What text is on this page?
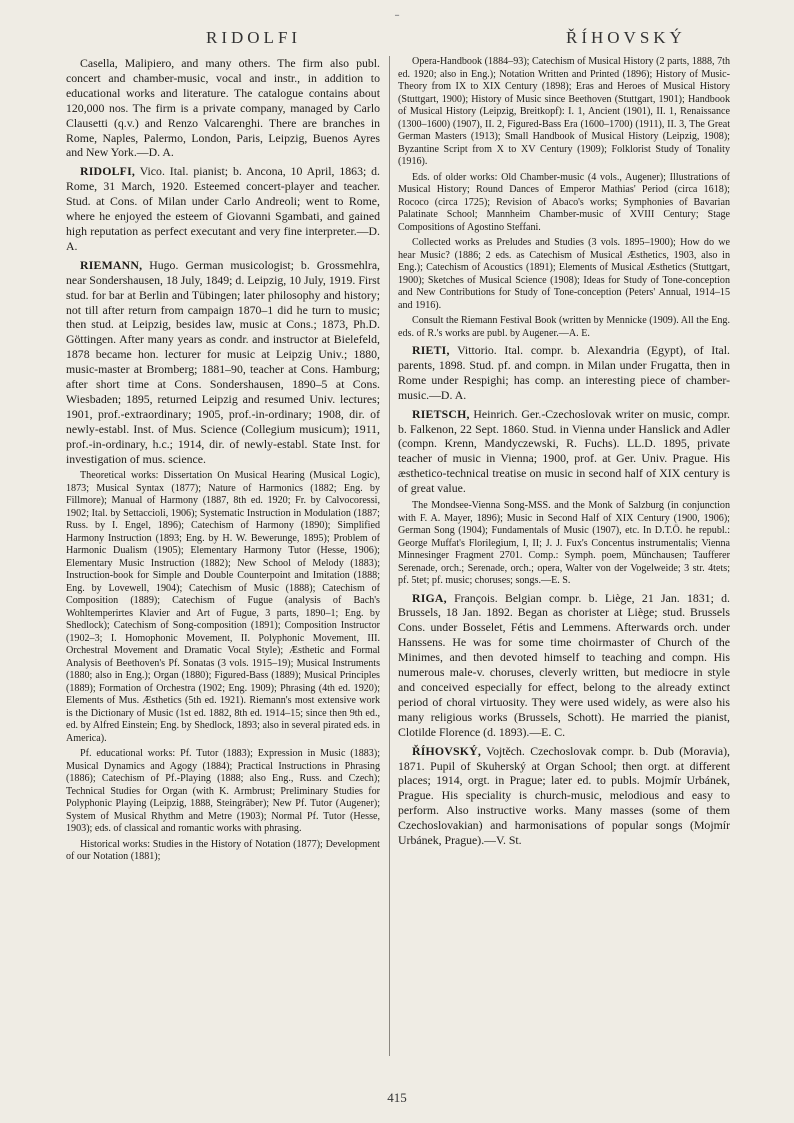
-
RIDOLFI	ŘÍHOVSKÝ

Casella, Malipiero, and many others. The firm also publ. concert and chamber-music, vocal and instr., in addition to educational works and literature. The catalogue contains about 120,000 nos. The firm is a private company, managed by Carlo Clausetti (q.v.) and Renzo Valcarenghi. There are branches in Rome, Naples, Palermo, London, Paris, Leipzig, Buenos Ayres and New York.—D. A.

RIDOLFI, Vico. Ital. pianist; b. Ancona, 10 April, 1863; d. Rome, 31 March, 1920. Esteemed concert-player and teacher. Stud. at Cons. of Milan under Carlo Andreoli; went to Rome, where he enjoyed the esteem of Giovanni Sgambati, and gained high reputation as perfect executant and very fine interpreter.—D. A.

RIEMANN, Hugo. German musicologist; b. Grossmehlra, near Sondershausen, 18 July, 1849; d. Leipzig, 10 July, 1919. First stud. for bar at Berlin and Tübingen; later philosophy and history; not till after return from campaign 1870–1 did he turn to music; then stud. at Leipzig, besides law, music at Cons.; 1873, Ph.D. Göttingen. After many years as condr. and instructor at Bielefeld, 1878 became hon. lecturer for music at Leipzig Univ.; 1880, music-master at Bromberg; 1881–90, teacher at Cons. Hamburg; after short time at Cons. Sondershausen, 1890–5 at Cons. Wiesbaden; 1895, returned Leipzig and resumed Univ. lectures; 1901, prof.-extraordinary; 1905, prof.-in-ordinary; 1908, dir. of newly-establ. Inst. of Mus. Science (Collegium musicum); 1911, prof.-in-ordinary, h.c.; 1914, dir. of newly-establ. State Inst. for investigation of mus. science.

Theoretical works: Dissertation On Musical Hearing (Musical Logic), 1873; Musical Syntax (1877); Nature of Harmonics (1882; Eng. by Fillmore); Manual of Harmony (1887, 8th ed. 1920; Fr. by Calvocoressi, 1902; Ital. by Settaccioli, 1906); Systematic Instruction in Modulation (1887; Russ. by I. Engel, 1896); Catechism of Harmony (1890); Simplified Harmony Instruction (1893; Eng. by H. W. Bewerunge, 1895); Problem of Harmonic Dualism (1905); Elementary Harmony Tutor (Hesse, 1906); Elementary Music Instruction (1882); New School of Melody (1883); Instruction-book for Simple and Double Counterpoint and Imitation (1888; Eng. by Lovewell, 1904); Catechism of Music (1888); Catechism of Composition (1889); Catechism of Fugue (analysis of Bach's Wohltemperirtes Klavier and Art of Fugue, 3 parts, 1890–1; Eng. by Shedlock); Catechism of Song-composition (1891); Composition Instructor (1902–3; I. Homophonic Movement, II. Polyphonic Movement, III. Orchestral Movement and Dramatic Vocal Style); Æsthetic and Formal Analysis of Beethoven's Pf. Sonatas (3 vols. 1915–19); Musical Instruments (1880; also in Eng.); Organ (1880); Figured-Bass (1889); Musical Principles (1889); Formation of Orchestra (1902; Eng. 1909); Phrasing (4th ed. 1920); Elements of Mus. Æsthetics (5th ed. 1921). Riemann's most extensive work is the Dictionary of Music (1st ed. 1882, 8th ed. 1914–15; since then 9th ed., ed. by Alfred Einstein; Eng. by Shedlock, 1893; also in several pirated eds. in America).

Pf. educational works: Pf. Tutor (1883); Expression in Music (1883); Musical Dynamics and Agogy (1884); Practical Instructions in Phrasing (1886); Catechism of Pf.-Playing (1888; also Eng., Russ. and Czech); Technical Studies for Organ (with K. Armbrust; Preliminary Studies for Polyphonic Playing (Leipzig, 1888, Steingräber); New Pf. Tutor (Augener); System of Musical Rhythm and Metre (1903); Normal Pf. Tutor (Hesse, 1903); eds. of classical and romantic works with phrasing.

Historical works: Studies in the History of Notation (1877); Development of our Notation (1881);

Opera-Handbook (1884–93); Catechism of Musical History (2 parts, 1888, 7th ed. 1920; also in Eng.); Notation Written and Printed (1896); History of Music-Theory from IX to XIX Century (1898); Eras and Heroes of Musical History (Stuttgart, 1900); History of Music since Beethoven (Stuttgart, 1901); Handbook of Musical History (Leipzig, Breitkopf): I. 1, Ancient (1901), II. 1, Renaissance (1300–1600) (1907), II. 2, Figured-Bass Era (1600–1700) (1911), II. 3, The Great German Masters (1913); Small Handbook of Musical History (Leipzig, 1908); Byzantine Script from X to XV Century (1909); Folklorist Study of Tonality (1916).

Eds. of older works: Old Chamber-music (4 vols., Augener); Illustrations of Musical History; Round Dances of Emperor Mathias' Period (circa 1618); Rococo (circa 1725); Revision of Abaco's works; Symphonies of Bavarian Palatinate School; Mannheim Chamber-music of XVIII Century; Stage Compositions of Agostino Steffani.

Collected works as Preludes and Studies (3 vols. 1895–1900); How do we hear Music? (1886; 2 eds. as Catechism of Musical Æsthetics, 1903, also in Eng.); Catechism of Acoustics (1891); Elements of Musical Æsthetics (Stuttgart, 1900); Sketches of Musical Science (1908); Ideas for Study of Tone-conception and New Contributions for Study of Tone-conception (Peters' Annual, 1914–15 and 1916).

Consult the Riemann Festival Book (written by Mennicke (1909). All the Eng. eds. of R.'s works are publ. by Augener.—A. E.

RIETI, Vittorio. Ital. compr. b. Alexandria (Egypt), of Ital. parents, 1898. Stud. pf. and compn. in Milan under Frugatta, then in Rome under Respighi; has comp. an interesting piece of chamber-music.—D. A.

RIETSCH, Heinrich. Ger.-Czechoslovak writer on music, compr. b. Falkenon, 22 Sept. 1860. Stud. in Vienna under Hanslick and Adler (compn. Krenn, Mandyczewski, R. Fuchs). LL.D. 1895, private teacher of music in Vienna; 1900, prof. at Ger. Univ. Prague. His æsthetico-technical treatise on music in second half of XIX century is of great value.

The Mondsee-Vienna Song-MSS. and the Monk of Salzburg (in conjunction with F. A. Mayer, 1896); Music in Second Half of XIX Century (1900, 1906); German Song (1904); Fundamentals of Music (1907), etc. In D.T.Ö. he republ.: George Muffat's Florilegium, I, II; J. J. Fux's Concentus instrumentalis; Vienna Minnesinger Fragment 2701. Comp.: Symph. poem, Münchausen; Taufferer Serenade, orch.; Serenade, orch.; opera, Walter von der Vogelweide; 3 str. 4tets; pf. 5tet; pf. music; choruses; songs.—E. S.

RIGA, François. Belgian compr. b. Liège, 21 Jan. 1831; d. Brussels, 18 Jan. 1892. Began as chorister at Liège; stud. Brussels Cons. under Bosselet, Fétis and Lemmens. Afterwards orch. under Hanssens. He was for some time choirmaster of Church of the Minimes, and then devoted himself to teaching and compn. His numerous male-v. choruses, cleverly written, but mediocre in style and conceived especially for effect, belong to the already extinct period of choral virtuosity. They were used widely, as were also his many religious works (Brussels, Schott). He married the pianist, Clotilde Florence (d. 1893).—E. C.

ŘÍHOVSKÝ, Vojtěch. Czechoslovak compr. b. Dub (Moravia), 1871. Pupil of Skuherský at Organ School; then orgt. at different places; 1914, orgt. in Prague; later ed. to publs. Mojmír Urbánek, Prague. His speciality is church-music, melodious and easy to perform. Also instructive works. Many masses (some of them Czechoslovakian) and harmonisations of popular songs (Mojmír Urbánek, Prague).—V. St.

415
